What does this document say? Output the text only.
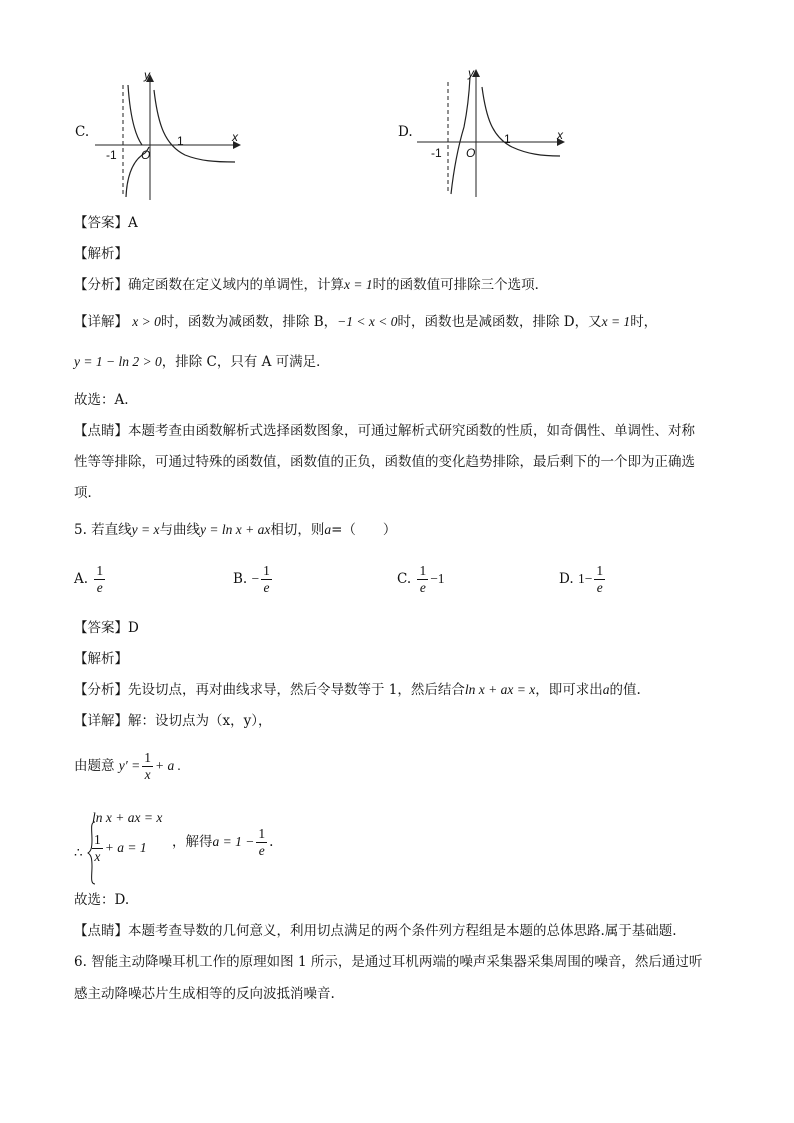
C.
y
x
-1 O
1
D.
y
x
-1 O
1
【答案】A
【解析】
【分析】确定函数在定义域内的单调性，计算x = 1时的函数值可排除三个选项．
【详解】 x > 0时，函数为减函数，排除 B，−1 < x < 0时，函数也是减函数，排除 D，又x = 1时，
y = 1 − ln 2 > 0，排除 C，只有 A 可满足．
故选：A.
【点睛】本题考查由函数解析式选择函数图象，可通过解析式研究函数的性质，如奇偶性、单调性、对称
性等等排除，可通过特殊的函数值，函数值的正负，函数值的变化趋势排除，最后剩下的一个即为正确选
项．
5. 若直线y = x与曲线y = ln x + ax相切，则a=（　　）
A. $\frac{1}{e}$	B. − $\frac{1}{e}$	C. $\frac{1}{e} -1$	D. $1- \frac{1}{e}$
【答案】D
【解析】
【分析】先设切点，再对曲线求导，然后令导数等于 1，然后结合ln x + ax = x，即可求出a的值.
【详解】解：设切点为（x，y），
由题意 $y' = \frac{1}{x} + a$ .
∴
ln x + ax = x
$\frac{1}{x} + a = 1$ ，解得$a = 1 - \frac{1}{e}$ .
故选：D.
【点睛】本题考查导数的几何意义，利用切点满足的两个条件列方程组是本题的总体思路.属于基础题.
6. 智能主动降噪耳机工作的原理如图 1 所示，是通过耳机两端的噪声采集器采集周围的噪音，然后通过听
感主动降噪芯片生成相等的反向波抵消噪音.
